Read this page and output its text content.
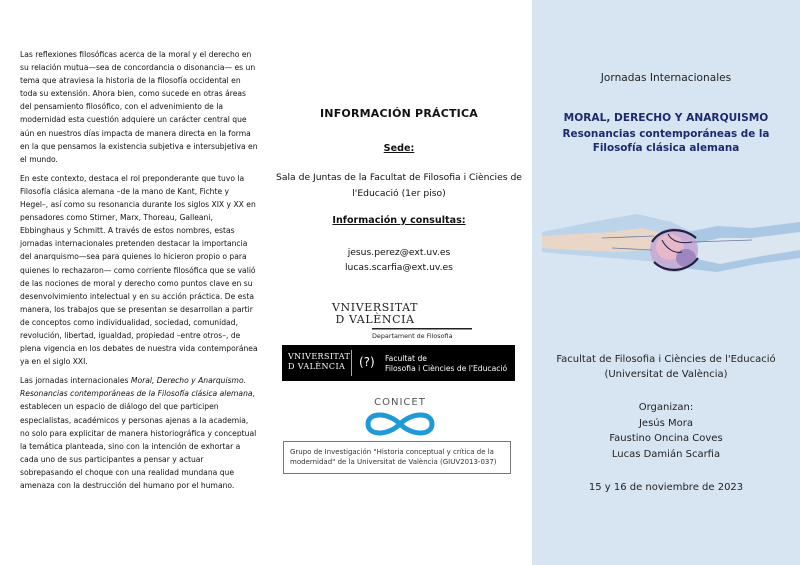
Las reflexiones filosóficas acerca de la moral y el derecho en su relación mutua—sea de concordancia o disonancia— es un tema que atraviesa la historia de la filosofía occidental en toda su extensión. Ahora bien, como sucede en otras áreas del pensamiento filosófico, con el advenimiento de la modernidad esta cuestión adquiere un carácter central que aún en nuestros días impacta de manera directa en la forma en la que pensamos la existencia subjetiva e intersubjetiva en el mundo.

En este contexto, destaca el rol preponderante que tuvo la Filosofía clásica alemana –de la mano de Kant, Fichte y Hegel–, así como su resonancia durante los siglos XIX y XX en pensadores como Stirner, Marx, Thoreau, Galleani, Ebbinghaus y Schmitt. A través de estos nombres, estas jornadas internacionales pretenden destacar la importancia del anarquismo—sea para quienes lo hicieron propio o para quienes lo rechazaron— como corriente filosófica que se valió de las nociones de moral y derecho como puntos clave en su desenvolvimiento intelectual y en su acción práctica. De esta manera, los trabajos que se presentan se desarrollan a partir de conceptos como individualidad, sociedad, comunidad, revolución, libertad, igualdad, propiedad –entre otros–, de plena vigencia en los debates de nuestra vida contemporánea ya en el siglo XXI.

Las jornadas internacionales Moral, Derecho y Anarquismo. Resonancias contemporáneas de la Filosofía clásica alemana, establecen un espacio de diálogo del que participen especialistas, académicos y personas ajenas a la academia, no solo para explicitar de manera historiográfica y conceptual la temática planteada, sino con la intención de exhortar a cada uno de sus participantes a pensar y actuar sobrepasando el choque con una realidad mundana que amenaza con la destrucción del humano por el humano.

INFORMACIÓN PRÁCTICA
Sede:
Sala de Juntas de la Facultat de Filosofia i Ciències de l'Educació (1er piso)
Información y consultas:
jesus.perez@ext.uv.es
lucas.scarfia@ext.uv.es
VNIVERSITAT
D VALÈNCIA
Departament de Filosofia
VNIVERSITAT
D VALÈNCIA	(?) Facultat de
Filosofia i Ciències de l'Educació
CONICET
Grupo de Investigación "Historia conceptual y crítica de la modernidad" de la Universitat de València (GIUV2013-037)
Jornadas Internacionales
MORAL, DERECHO Y ANARQUISMO
Resonancias contemporáneas de la Filosofía clásica alemana
Facultat de Filosofia i Ciències de l'Educació (Universitat de València)
Organizan:
Jesús Mora
Faustino Oncina Coves
Lucas Damián Scarfia
15 y 16 de noviembre de 2023
